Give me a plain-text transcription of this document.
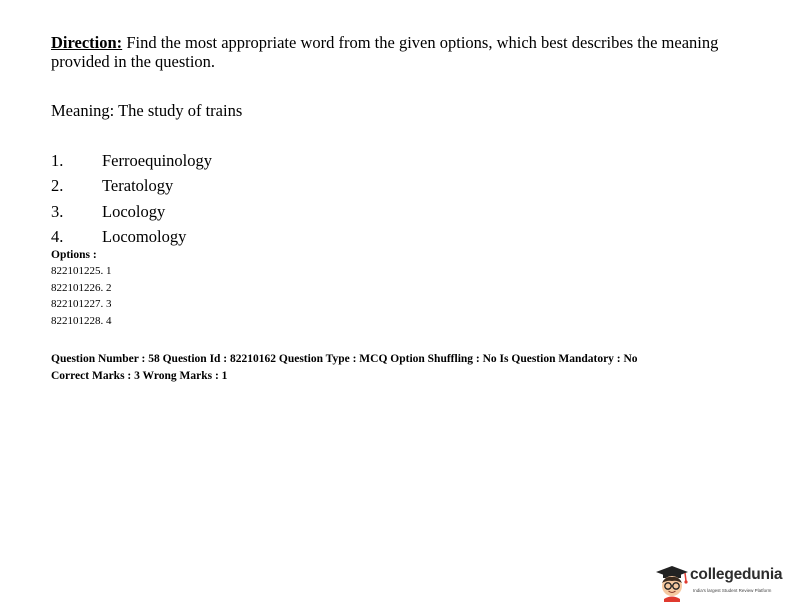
Direction: Find the most appropriate word from the given options, which best describes the meaning
provided in the question.
Meaning: The study of trains
1. Ferroequinology
2. Teratology
3. Locology
4. Locomology
Options :
822101225. 1
822101226. 2
822101227. 3
822101228. 4
Question Number : 58 Question Id : 82210162 Question Type : MCQ Option Shuffling : No Is Question Mandatory : No
Correct Marks : 3 Wrong Marks : 1
collegedunia
India's largest Student Review Platform
